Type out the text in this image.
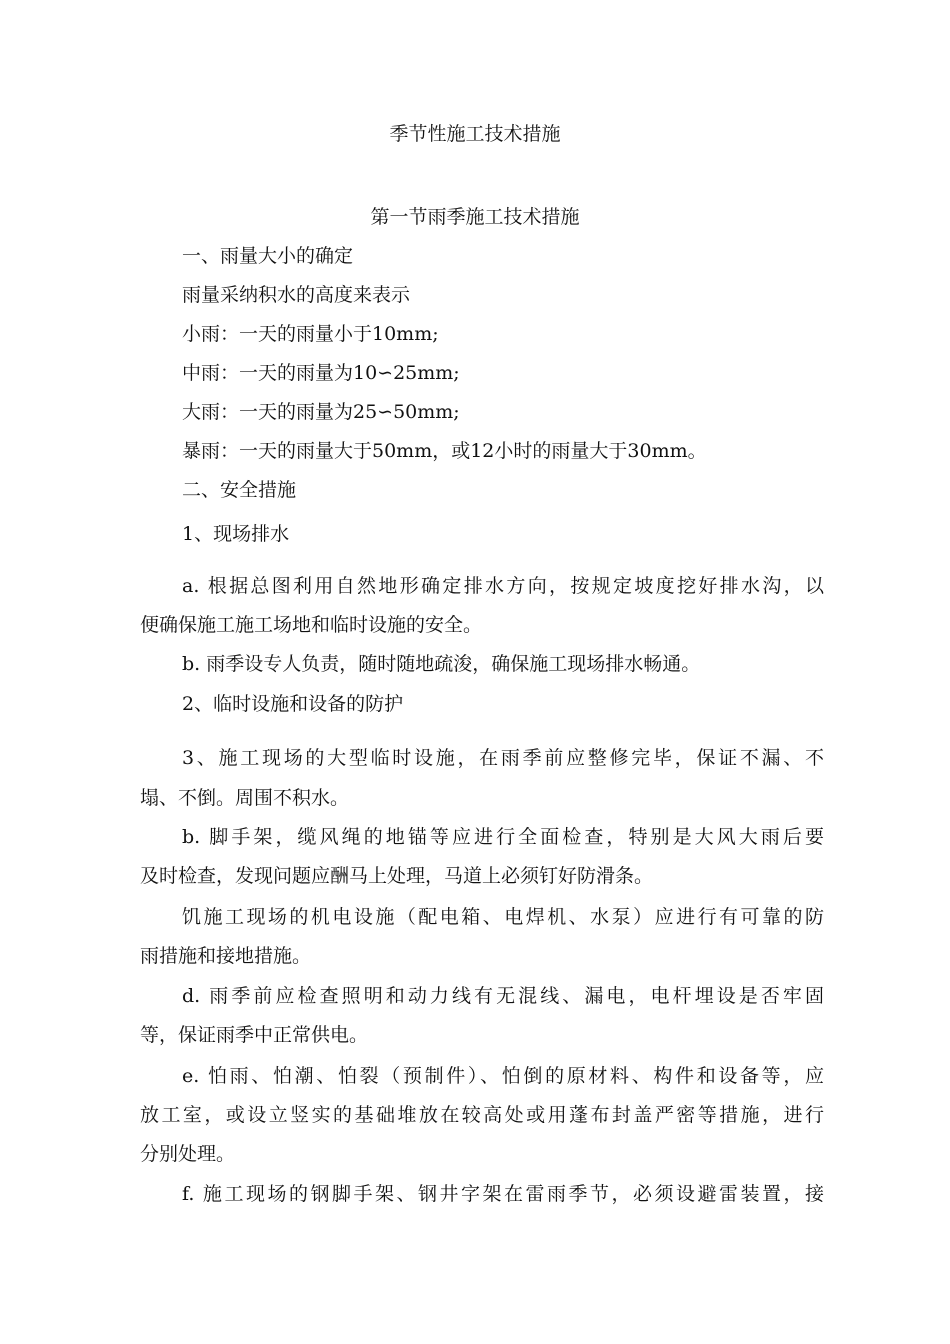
季节性施工技术措施
第一节雨季施工技术措施
一、雨量大小的确定
雨量采纳积水的高度来表示
小雨：一天的雨量小于10mm;
中雨：一天的雨量为10∽25mm;
大雨：一天的雨量为25∽50mm;
暴雨：一天的雨量大于50mm，或12小时的雨量大于30mm。
二、安全措施
1、现场排水
a. 根据总图利用自然地形确定排水方向，按规定坡度挖好排水沟，以
便确保施工施工场地和临时设施的安全。
b. 雨季设专人负责，随时随地疏浚，确保施工现场排水畅通。
2、临时设施和设备的防护
3、施工现场的大型临时设施，在雨季前应整修完毕，保证不漏、不
塌、不倒。周围不积水。
b. 脚手架，缆风绳的地锚等应进行全面检查，特别是大风大雨后要
及时检查，发现问题应酬马上处理，马道上必须钉好防滑条。
饥施工现场的机电设施（配电箱、电焊机、水泵）应进行有可靠的防
雨措施和接地措施。
d. 雨季前应检查照明和动力线有无混线、漏电，电杆埋设是否牢固
等，保证雨季中正常供电。
e. 怕雨、怕潮、怕裂（预制件）、怕倒的原材料、构件和设备等，应
放工室，或设立竖实的基础堆放在较高处或用蓬布封盖严密等措施，进行
分别处理。
f. 施工现场的钢脚手架、钢井字架在雷雨季节，必须设避雷装置，接
